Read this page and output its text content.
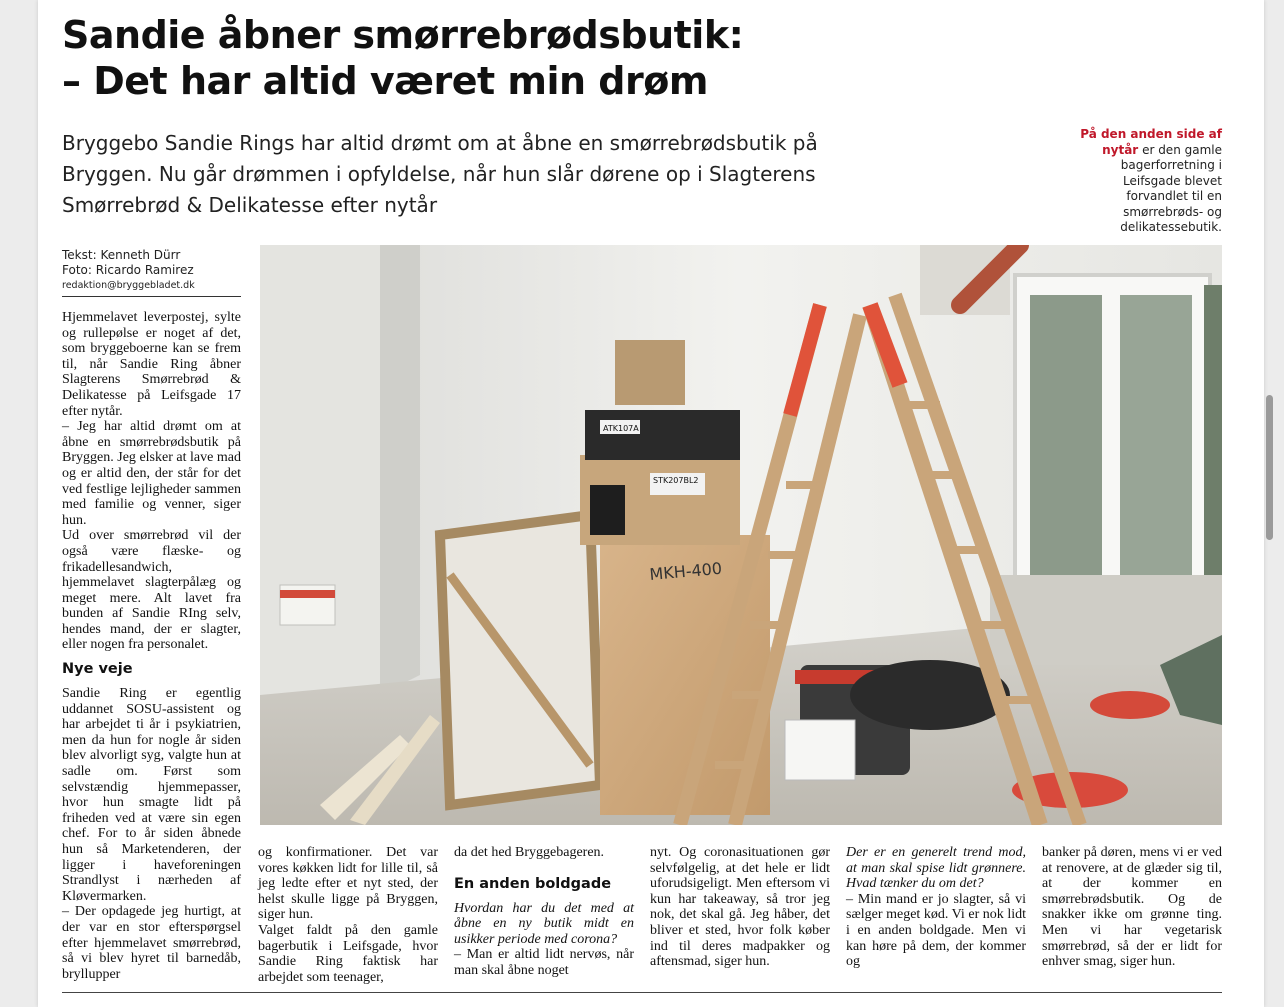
Sandie åbner smørrebrødsbutik:
– Det har altid været min drøm

Bryggebo Sandie Rings har altid drømt om at åbne en smørrebrødsbutik på Bryggen. Nu går drømmen i opfyldelse, når hun slår dørene op i Slagterens Smørrebrød & Delikatesse efter nytår

På den anden side af nytår er den gamle bagerforretning i Leifsgade blevet forvandlet til en smørrebrøds- og delikatessebutik.
Tekst: Kenneth Dürr
Foto: Ricardo Ramirez
redaktion@bryggebladet.dk
ATK107A
STK207BL2
MKH-400

Hjemmelavet leverpostej, sylte og rullepølse er noget af det, som bryggeboerne kan se frem til, når Sandie Ring åbner Slagterens Smørrebrød & Delikatesse på Leifsgade 17 efter nytår.

– Jeg har altid drømt om at åbne en smørrebrødsbutik på Bryggen. Jeg elsker at lave mad og er altid den, der står for det ved festlige lejligheder sammen med familie og venner, siger hun.

Ud over smørrebrød vil der også være flæske- og frikadellesandwich, hjemmelavet slagterpålæg og meget mere. Alt lavet fra bunden af Sandie RIng selv, hendes mand, der er slagter, eller nogen fra personalet.

Nye veje

Sandie Ring er egentlig uddannet SOSU-assistent og har arbejdet ti år i psykiatrien, men da hun for nogle år siden blev alvorligt syg, valgte hun at sadle om. Først som selvstændig hjemmepasser, hvor hun smagte lidt på friheden ved at være sin egen chef. For to år siden åbnede hun så Marketenderen, der ligger i haveforeningen Strandlyst i nærheden af Kløvermarken.

– Der opdagede jeg hurtigt, at der var en stor efterspørgsel efter hjemmelavet smørrebrød, så vi blev hyret til barnedåb, bryllupper

og konfirmationer. Det var vores køkken lidt for lille til, så jeg ledte efter et nyt sted, der helst skulle ligge på Bryggen, siger hun.

Valget faldt på den gamle bagerbutik i Leifsgade, hvor Sandie Ring faktisk har arbejdet som teenager,

da det hed Bryggebageren.

En anden boldgade

Hvordan har du det med at åbne en ny butik midt en usikker periode med corona?

– Man er altid lidt nervøs, når man skal åbne noget

nyt. Og coronasituationen gør selvfølgelig, at det hele er lidt uforudsigeligt. Men eftersom vi kun har takeaway, så tror jeg nok, det skal gå. Jeg håber, det bliver et sted, hvor folk køber ind til deres madpakker og aftensmad, siger hun.

Der er en generelt trend mod, at man skal spise lidt grønnere. Hvad tænker du om det?

– Min mand er jo slagter, så vi sælger meget kød. Vi er nok lidt i en anden boldgade. Men vi kan høre på dem, der kommer og

banker på døren, mens vi er ved at renovere, at de glæder sig til, at der kommer en smørrebrødsbutik. Og de snakker ikke om grønne ting. Men vi har vegetarisk smørrebrød, så der er lidt for enhver smag, siger hun.
